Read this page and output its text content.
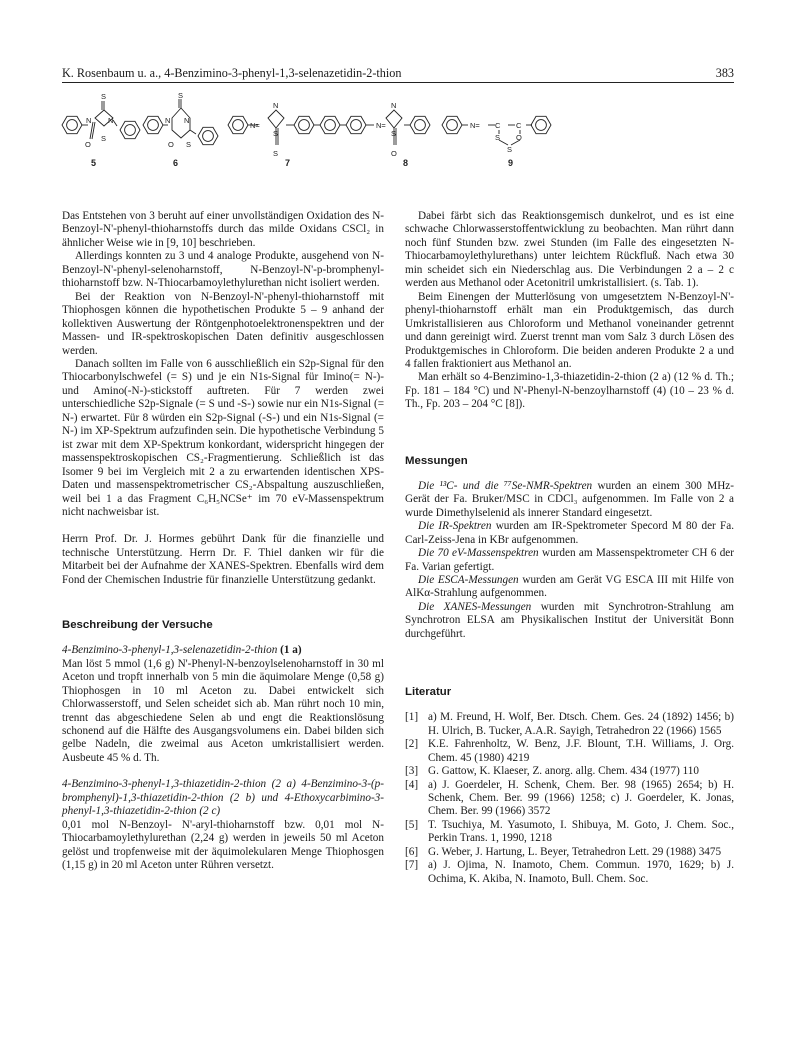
K. Rosenbaum u. a., 4-Benzimino-3-phenyl-1,3-selenazetidin-2-thion	383
S
N N
O
S
S
N N
O S
N=
N
S
S
N=
N
S
O
N= C C
S O
S
5	6	7	8	9

Das Entstehen von 3 beruht auf einer unvollständigen Oxidation des N-Benzoyl-N'-phenyl-thioharnstoffs durch das milde Oxidans CSCl₂ in ähnlicher Weise wie in [9, 10] beschrieben.

Allerdings konnten zu 3 und 4 analoge Produkte, ausgehend von N-Benzoyl-N'-phenyl-selenoharnstoff, N-Benzoyl-N'-p-bromphenyl-thioharnstoff bzw. N-Thiocarbamoylethylurethan nicht isoliert werden.

Bei der Reaktion von N-Benzoyl-N'-phenyl-thioharnstoff mit Thiophosgen können die hypothetischen Produkte 5 – 9 anhand der kollektiven Auswertung der Röntgenphotoelektronenspektren und der Massen- und IR-spektroskopischen Daten definitiv ausgeschlossen werden.

Danach sollten im Falle von 6 ausschließlich ein S2p-Signal für den Thiocarbonylschwefel (= S) und je ein N1s-Signal für Imino(= N-)- und Amino(-N-)-stickstoff auftreten. Für 7 werden zwei unterschiedliche S2p-Signale (= S und -S-) sowie nur ein N1s-Signal (= N-) erwartet. Für 8 würden ein S2p-Signal (-S-) und ein N1s-Signal (= N-) im XP-Spektrum aufzufinden sein. Die hypothetische Verbindung 5 ist zwar mit dem XP-Spektrum konkordant, widerspricht hingegen der massenspektroskopischen CS₂-Fragmentierung. Schließlich ist das Isomer 9 bei im Vergleich mit 2 a zu erwartenden identischen XPS-Daten und massenspektrometrischer CS₂-Abspaltung auszuschließen, weil bei 1 a das Fragment C₆H₅NCSe⁺ im 70 eV-Massenspektrum nicht nachweisbar ist.

Herrn Prof. Dr. J. Hormes gebührt Dank für die finanzielle und technische Unterstützung. Herrn Dr. F. Thiel danken wir für die Mitarbeit bei der Aufnahme der XANES-Spektren. Ebenfalls wird dem Fond der Chemischen Industrie für finanzielle Unterstützung gedankt.

Beschreibung der Versuche

4-Benzimino-3-phenyl-1,3-selenazetidin-2-thion (1 a)

Man löst 5 mmol (1,6 g) N'-Phenyl-N-benzoylselenoharnstoff in 30 ml Aceton und tropft innerhalb von 5 min die äquimolare Menge (0,58 g) Thiophosgen in 10 ml Aceton zu. Dabei entwickelt sich Chlorwasserstoff, und Selen scheidet sich ab. Man rührt noch 10 min, trennt das abgeschiedene Selen ab und engt die Reaktionslösung schonend auf die Hälfte des Ausgangsvolumens ein. Dabei bilden sich gelbe Nadeln, die zweimal aus Aceton umkristallisiert werden. Ausbeute 45 % d. Th.

4-Benzimino-3-phenyl-1,3-thiazetidin-2-thion (2 a) 4-Benzimino-3-(p-bromphenyl)-1,3-thiazetidin-2-thion (2 b) und 4-Ethoxycarbimino-3-phenyl-1,3-thiazetidin-2-thion (2 c)

0,01 mol N-Benzoyl- N'-aryl-thioharnstoff bzw. 0,01 mol N-Thiocarbamoylethylurethan (2,24 g) werden in jeweils 50 ml Aceton gelöst und tropfenweise mit der äquimolekularen Menge Thiophosgen (1,15 g) in 20 ml Aceton unter Rühren versetzt.

Dabei färbt sich das Reaktionsgemisch dunkelrot, und es ist eine schwache Chlorwasserstoffentwicklung zu beobachten. Man rührt dann noch fünf Stunden bzw. zwei Stunden (im Falle des eingesetzten N-Thiocarbamoylethylurethans) unter leichtem Rückfluß. Nach etwa 30 min scheidet sich ein Niederschlag aus. Die Verbindungen 2 a – 2 c werden aus Methanol oder Acetonitril umkristallisiert. (s. Tab. 1).

Beim Einengen der Mutterlösung von umgesetztem N-Benzoyl-N'-phenyl-thioharnstoff erhält man ein Produktgemisch, das durch Umkristallisieren aus Chloroform und Methanol voneinander getrennt und dann gereinigt wird. Zuerst trennt man vom Salz 3 durch Lösen des Produktgemisches in Chloroform. Die beiden anderen Produkte 2 a und 4 fallen fraktioniert aus Methanol an.

Man erhält so 4-Benzimino-1,3-thiazetidin-2-thion (2 a) (12 % d. Th.; Fp. 181 – 184 °C) und N'-Phenyl-N-benzoylharnstoff (4) (10 – 23 % d. Th., Fp. 203 – 204 °C [8]).

Messungen

Die ¹³C- und die ⁷⁷Se-NMR-Spektren wurden an einem 300 MHz-Gerät der Fa. Bruker/MSC in CDCl₃ aufgenommen. Im Falle von 2 a wurde Dimethylselenid als innerer Standard eingesetzt.

Die IR-Spektren wurden am IR-Spektrometer Specord M 80 der Fa. Carl-Zeiss-Jena in KBr aufgenommen.

Die 70 eV-Massenspektren wurden am Massenspektrometer CH 6 der Fa. Varian gefertigt.

Die ESCA-Messungen wurden am Gerät VG ESCA III mit Hilfe von AlKα-Strahlung aufgenommen.

Die XANES-Messungen wurden mit Synchrotron-Strahlung am Synchrotron ELSA am Physikalischen Institut der Universität Bonn durchgeführt.

Literatur

[1] a) M. Freund, H. Wolf, Ber. Dtsch. Chem. Ges. 24 (1892) 1456; b) H. Ulrich, B. Tucker, A.A.R. Sayigh, Tetrahedron 22 (1966) 1565

[2] K.E. Fahrenholtz, W. Benz, J.F. Blount, T.H. Williams, J. Org. Chem. 45 (1980) 4219

[3] G. Gattow, K. Klaeser, Z. anorg. allg. Chem. 434 (1977) 110

[4] a) J. Goerdeler, H. Schenk, Chem. Ber. 98 (1965) 2654; b) H. Schenk, Chem. Ber. 99 (1966) 1258; c) J. Goerdeler, K. Jonas, Chem. Ber. 99 (1966) 3572

[5] T. Tsuchiya, M. Yasumoto, I. Shibuya, M. Goto, J. Chem. Soc., Perkin Trans. 1, 1990, 1218

[6] G. Weber, J. Hartung, L. Beyer, Tetrahedron Lett. 29 (1988) 3475

[7] a) J. Ojima, N. Inamoto, Chem. Commun. 1970, 1629; b) J. Ochima, K. Akiba, N. Inamoto, Bull. Chem. Soc.
